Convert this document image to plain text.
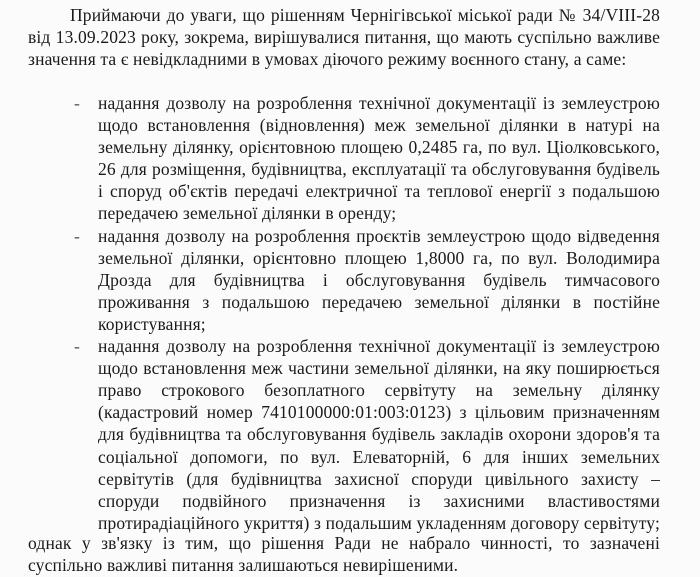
Приймаючи до уваги, що рішенням Чернігівської міської ради № 34/VIII-28 від 13.09.2023 року, зокрема, вирішувалися питання, що мають суспільно важливе значення та є невідкладними в умовах діючого режиму воєнного стану, а саме:

- надання дозволу на розроблення технічної документації із землеустрою щодо встановлення (відновлення) меж земельної ділянки в натурі на земельну ділянку, орієнтовною площею 0,2485 га, по вул. Ціолковського, 26 для розміщення, будівництва, експлуатації та обслуговування будівель і споруд об'єктів передачі електричної та теплової енергії з подальшою передачею земельної ділянки в оренду;
- надання дозволу на розроблення проєктів землеустрою щодо відведення земельної ділянки, орієнтовно площею 1,8000 га, по вул. Володимира Дрозда для будівництва і обслуговування будівель тимчасового проживання з подальшою передачею земельної ділянки в постійне користування;
- надання дозволу на розроблення технічної документації із землеустрою щодо встановлення меж частини земельної ділянки, на яку поширюється право строкового безоплатного сервітуту на земельну ділянку (кадастровий номер 7410100000:01:003:0123) з цільовим призначенням для будівництва та обслуговування будівель закладів охорони здоров'я та соціальної допомоги, по вул. Елеваторній, 6 для інших земельних сервітутів (для будівництва захисної споруди цивільного захисту – споруди подвійного призначення із захисними властивостями протирадіаційного укриття) з подальшим укладенням договору сервітуту;

однак у зв'язку із тим, що рішення Ради не набрало чинності, то зазначені суспільно важливі питання залишаються невирішеними.
